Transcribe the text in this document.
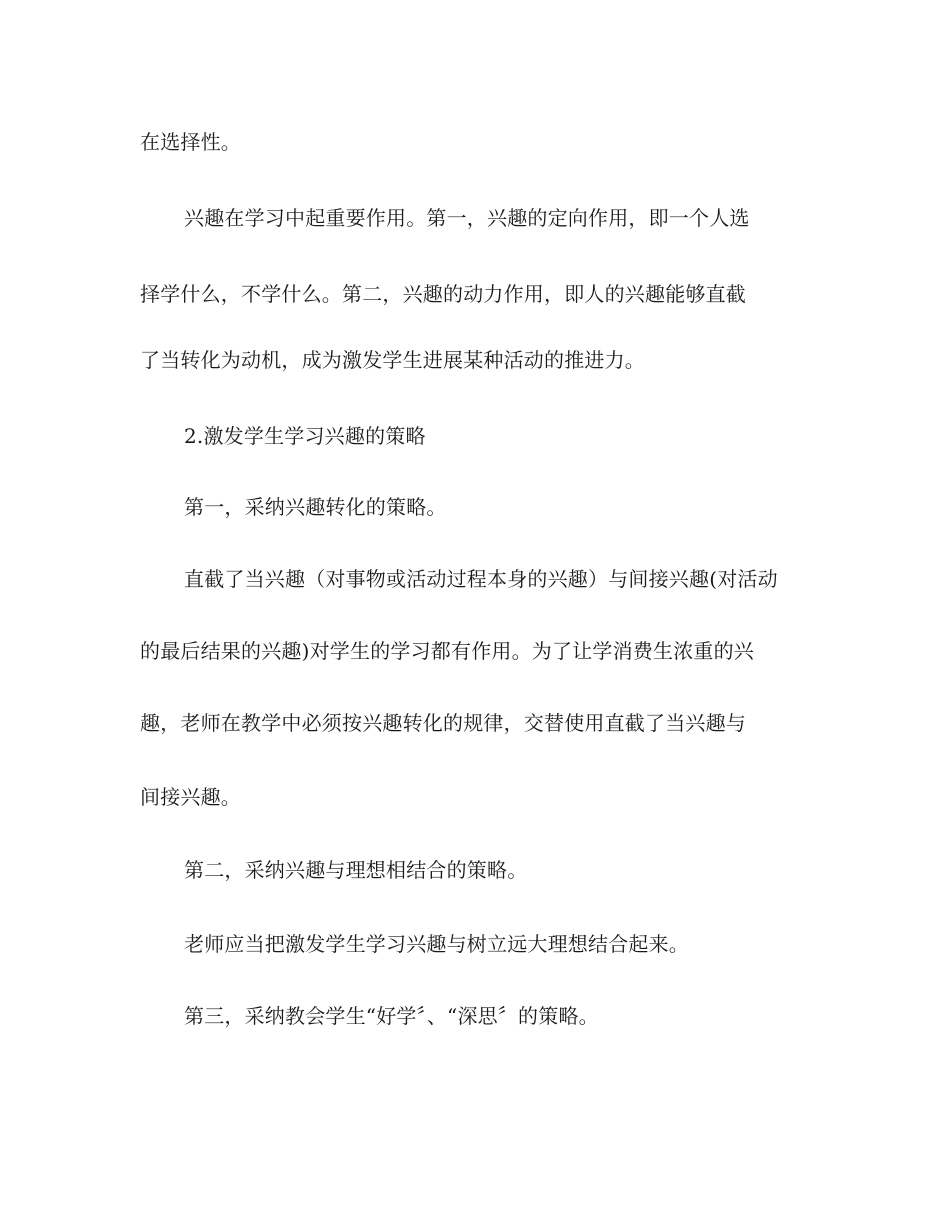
在选择性。
兴趣在学习中起重要作用。第一，兴趣的定向作用，即一个人选
择学什么，不学什么。第二，兴趣的动力作用，即人的兴趣能够直截
了当转化为动机，成为激发学生进展某种活动的推进力。
2.激发学生学习兴趣的策略
第一，采纳兴趣转化的策略。
直截了当兴趣（对事物或活动过程本身的兴趣）与间接兴趣(对活动
的最后结果的兴趣)对学生的学习都有作用。为了让学消费生浓重的兴
趣，老师在教学中必须按兴趣转化的规律，交替使用直截了当兴趣与
间接兴趣。
第二，采纳兴趣与理想相结合的策略。
老师应当把激发学生学习兴趣与树立远大理想结合起来。
第三，采纳教会学生“好学〞、“深思〞的策略。
